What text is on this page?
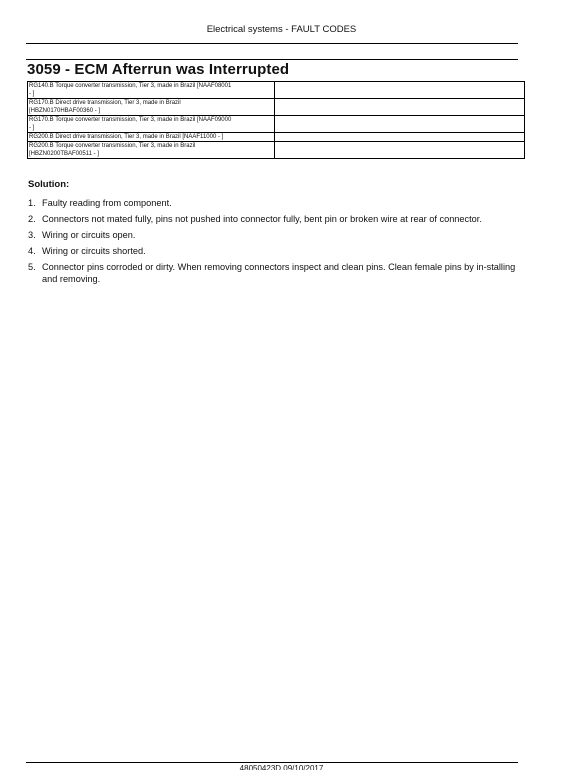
Electrical systems - FAULT CODES
3059 - ECM Afterrun was Interrupted
RG140.B Torque converter transmission, Tier 3, made in Brazil [NAAF08001
- ]	

RG170.B Direct drive transmission, Tier 3, made in Brazil
[HBZN0170HBAF00360 - ]	

RG170.B Torque converter transmission, Tier 3, made in Brazil [NAAF09000
- ]	

RG200.B Direct drive transmission, Tier 3, made in Brazil [NAAF11000 - ]	

RG200.B Torque converter transmission, Tier 3, made in Brazil
[HBZN0200TBAF00511 - ]	

Solution:
1. Faulty reading from component.
2. Connectors not mated fully, pins not pushed into connector fully, bent pin or broken wire at rear of connector.
3. Wiring or circuits open.
4. Wiring or circuits shorted.
5. Connector pins corroded or dirty. When removing connectors inspect and clean pins. Clean female pins by in-stalling and removing.
48050423D 09/10/2017
